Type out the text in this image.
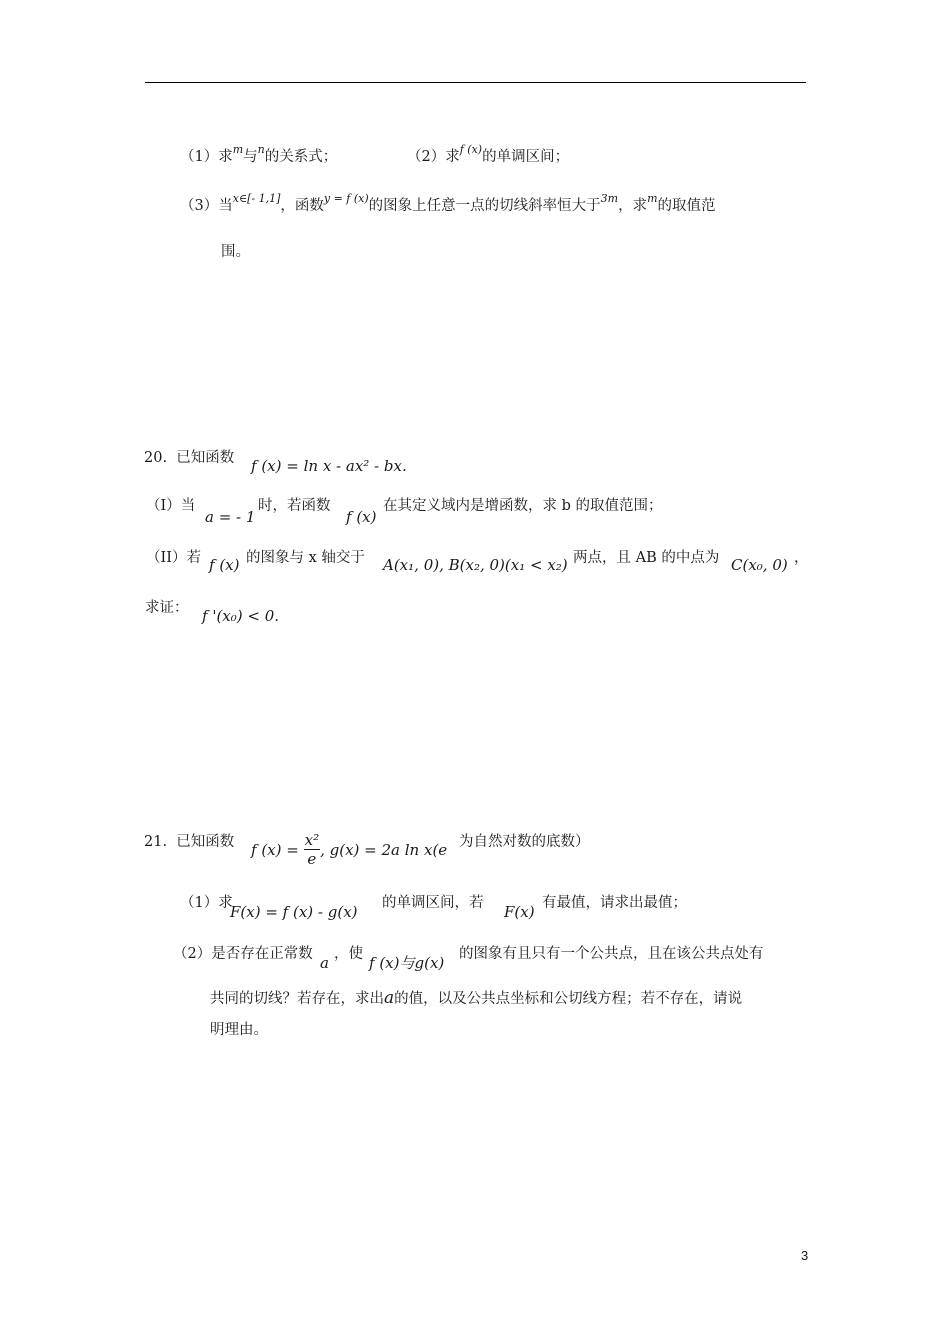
（1）求$^m$与$^n$的关系式；	（2）求$^{f (x)}$的单调区间；
（3）当$^{x\in[- 1,1]}$，函数$^{y = f (x)}$的图象上任意一点的切线斜率恒大于$^{3m}$，求$^m$的取值范
围。
20. 已知函数 f (x) = ln x - ax² - bx.
（I）当
a = - 1
时，若函数
f (x)
在其定义域内是增函数，求 b 的取值范围；
（II）若 f (x) 的图象与 x 轴交于 A(x₁, 0), B(x₂, 0)(x₁ < x₂) 两点，且 AB 的中点为 C(x₀, 0) ，
求证： f '(x₀) < 0.
21. 已知函数 f $(x) = \frac{\text{x²}}{e}$ , g(x) = 2a ln x(e 为自然对数的底数）
（1）求
F(x) = f (x) - g(x) 的单调区间，若 F(x) 有最值，请求出最值；
（2）是否存在正常数 a ，使 f (x)与g(x) 的图象有且只有一个公共点，且在该公共点处有
共同的切线？若存在，求出a的值，以及公共点坐标和公切线方程；若不存在，请说
明理由。
3
